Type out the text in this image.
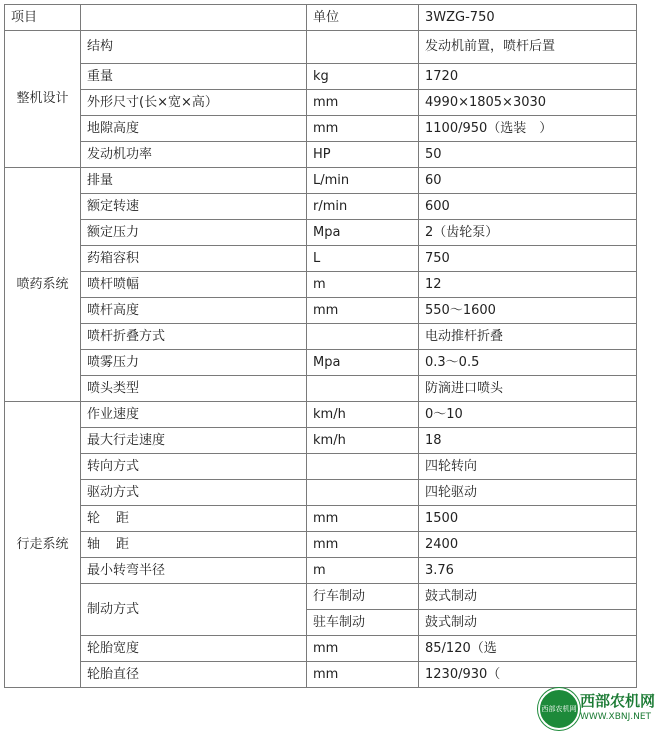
项目		单位	3WZG-750
整机设计	结构		发动机前置，喷杆后置
	重量	kg	1720
	外形尺寸(长×宽×高）	mm	4990×1805×3030
	地隙高度	mm	1100/950（选装　）
	发动机功率	HP	50
喷药系统	排量	L/min	60
	额定转速	r/min	600
	额定压力	Mpa	2（齿轮泵）
	药箱容积	L	750
	喷杆喷幅	m	12
	喷杆高度	mm	550～1600
	喷杆折叠方式		电动推杆折叠
	喷雾压力	Mpa	0.3～0.5
	喷头类型		防滴进口喷头
行走系统	作业速度	km/h	0～10
	最大行走速度	km/h	18
	转向方式		四轮转向
	驱动方式		四轮驱动
	轮距	mm	1500
	轴距	mm	2400
	最小转弯半径	m	3.76
	制动方式	行车制动	鼓式制动
		驻车制动	鼓式制动
	轮胎宽度	mm	85/120（选
	轮胎直径	mm	1230/930（
西部农机网 西部农机网
WWW.XBNJ.NET
